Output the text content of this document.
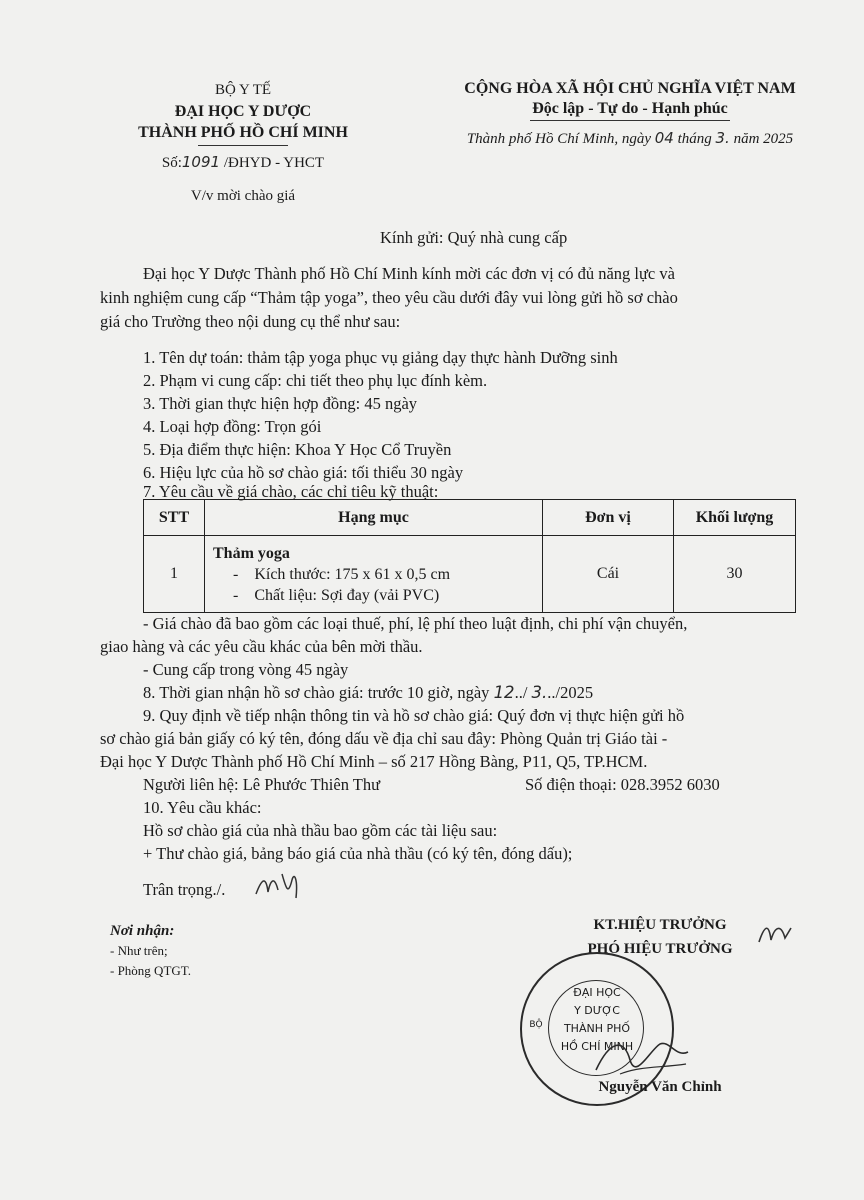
BỘ Y TẾ
ĐẠI HỌC Y DƯỢC
THÀNH PHỐ HỒ CHÍ MINH
Số:1091 /ĐHYD - YHCT
V/v mời chào giá
CỘNG HÒA XÃ HỘI CHỦ NGHĨA VIỆT NAM
Độc lập - Tự do - Hạnh phúc
Thành phố Hồ Chí Minh, ngày 04 tháng 3. năm 2025
Kính gửi: Quý nhà cung cấp
Đại học Y Dược Thành phố Hồ Chí Minh kính mời các đơn vị có đủ năng lực và
kinh nghiệm cung cấp “Thảm tập yoga”, theo yêu cầu dưới đây vui lòng gửi hồ sơ chào
giá cho Trường theo nội dung cụ thể như sau:
1. Tên dự toán: thảm tập yoga phục vụ giảng dạy thực hành Dưỡng sinh
2. Phạm vi cung cấp: chi tiết theo phụ lục đính kèm.
3. Thời gian thực hiện hợp đồng: 45 ngày
4. Loại hợp đồng: Trọn gói
5. Địa điểm thực hiện: Khoa Y Học Cổ Truyền
6. Hiệu lực của hồ sơ chào giá: tối thiểu 30 ngày
7. Yêu cầu về giá chào, các chỉ tiêu kỹ thuật:
STT	Hạng mục	Đơn vị	Khối lượng
1	Thảm yoga
-    Kích thước: 175 x 61 x 0,5 cm
-    Chất liệu: Sợi đay (vải PVC)	Cái	30
- Giá chào đã bao gồm các loại thuế, phí, lệ phí theo luật định, chi phí vận chuyển,
giao hàng và các yêu cầu khác của bên mời thầu.
- Cung cấp trong vòng 45 ngày
8. Thời gian nhận hồ sơ chào giá: trước 10 giờ, ngày 12../ 3.../2025
9. Quy định về tiếp nhận thông tin và hồ sơ chào giá: Quý đơn vị thực hiện gửi hồ
sơ chào giá bản giấy có ký tên, đóng dấu về địa chỉ sau đây: Phòng Quản trị Giáo tài -
Đại học Y Dược Thành phố Hồ Chí Minh – số 217 Hồng Bàng, P11, Q5, TP.HCM.
Người liên hệ: Lê Phước Thiên Thư	Số điện thoại: 028.3952 6030
10. Yêu cầu khác:
Hồ sơ chào giá của nhà thầu bao gồm các tài liệu sau:
+ Thư chào giá, bảng báo giá của nhà thầu (có ký tên, đóng dấu);
Trân trọng./.
Nơi nhận:
- Như trên;
- Phòng QTGT.
KT.HIỆU TRƯỞNG
PHÓ HIỆU TRƯỞNG
ĐẠI HỌC
Y DƯỢC
THÀNH PHỐ
HỒ CHÍ MINH
BỘ
Nguyễn Văn Chỉnh
